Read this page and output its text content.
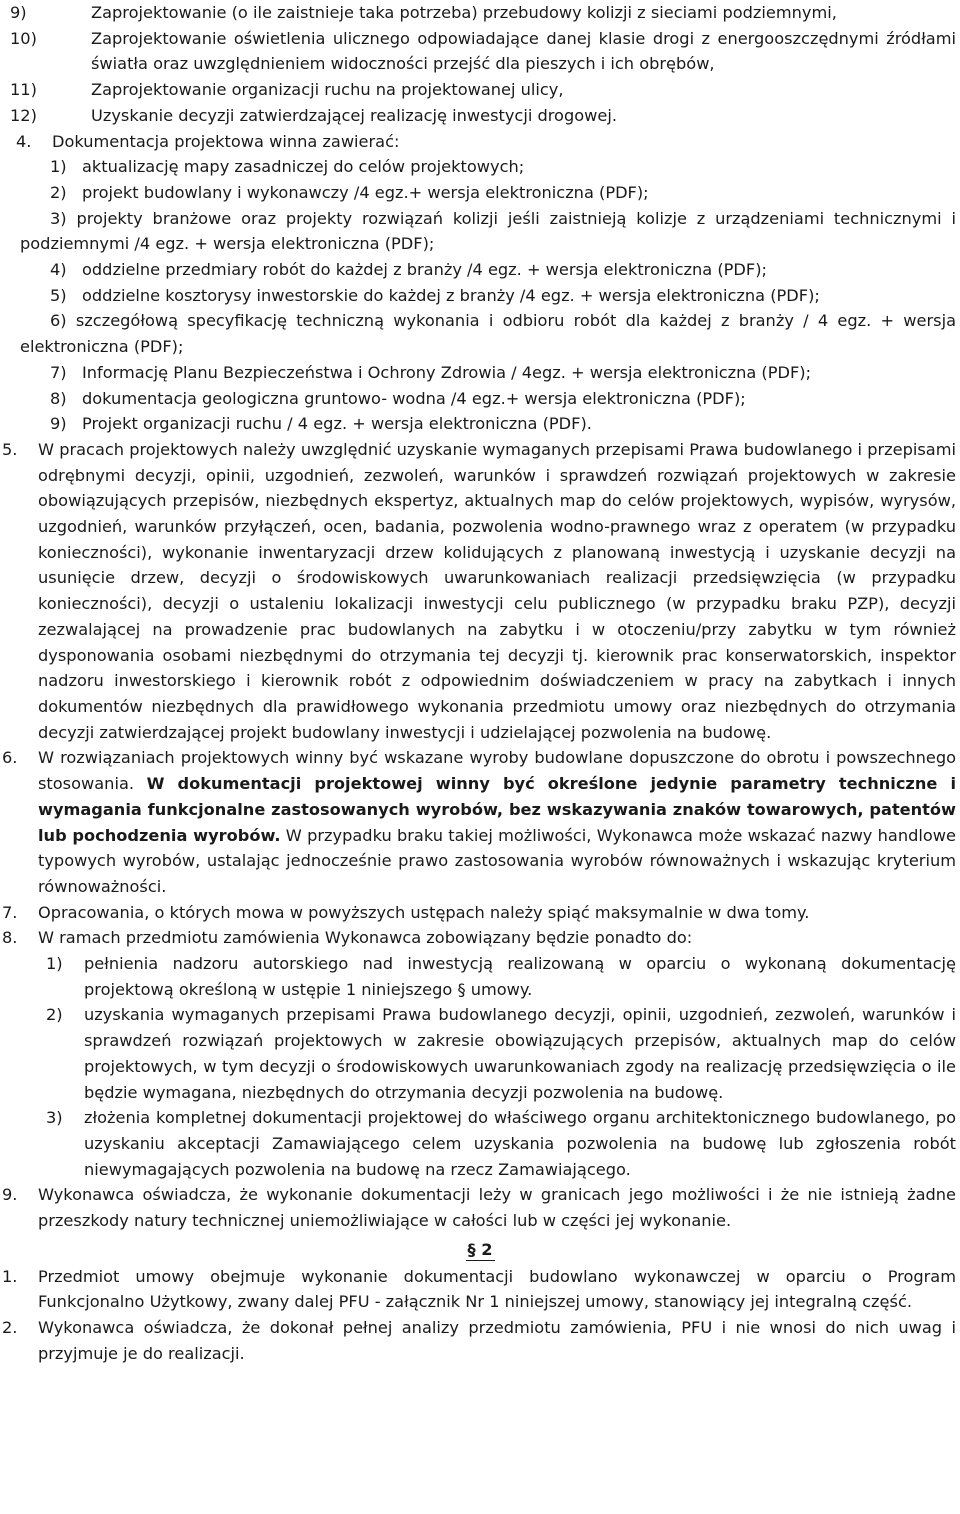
9)	Zaprojektowanie (o ile zaistnieje taka potrzeba) przebudowy kolizji z sieciami podziemnymi,

10)	Zaprojektowanie oświetlenia ulicznego odpowiadające danej klasie drogi z energooszczędnymi źródłami światła oraz uwzględnieniem widoczności przejść dla pieszych i ich obrębów,

11)	Zaprojektowanie organizacji ruchu na projektowanej ulicy,

12)	Uzyskanie decyzji zatwierdzającej realizację inwestycji drogowej.

4. Dokumentacja projektowa winna zawierać:

1) aktualizację mapy zasadniczej do celów projektowych;

2) projekt budowlany i wykonawczy /4 egz.+ wersja elektroniczna (PDF);

3) projekty branżowe oraz projekty rozwiązań kolizji jeśli zaistnieją kolizje z urządzeniami technicznymi i podziemnymi /4 egz. + wersja elektroniczna (PDF);

4) oddzielne przedmiary robót do każdej z branży /4 egz. + wersja elektroniczna (PDF);

5) oddzielne kosztorysy inwestorskie do każdej z branży /4 egz. + wersja elektroniczna (PDF);

6) szczegółową specyfikację techniczną wykonania i odbioru robót dla każdej z branży / 4 egz. + wersja elektroniczna (PDF);

7) Informację Planu Bezpieczeństwa i Ochrony Zdrowia / 4egz. + wersja elektroniczna (PDF);

8) dokumentacja geologiczna gruntowo- wodna /4 egz.+ wersja elektroniczna (PDF);

9) Projekt organizacji ruchu / 4 egz. + wersja elektroniczna (PDF).

5. W pracach projektowych należy uwzględnić uzyskanie wymaganych przepisami Prawa budowlanego i przepisami odrębnymi decyzji, opinii, uzgodnień, zezwoleń, warunków i sprawdzeń rozwiązań projektowych w zakresie obowiązujących przepisów, niezbędnych ekspertyz, aktualnych map do celów projektowych, wypisów, wyrysów, uzgodnień, warunków przyłączeń, ocen, badania, pozwolenia wodno-prawnego wraz z operatem (w przypadku konieczności), wykonanie inwentaryzacji drzew kolidujących z planowaną inwestycją i uzyskanie decyzji na usunięcie drzew, decyzji o środowiskowych uwarunkowaniach realizacji przedsięwzięcia (w przypadku konieczności), decyzji o ustaleniu lokalizacji inwestycji celu publicznego (w przypadku braku PZP), decyzji zezwalającej na prowadzenie prac budowlanych na zabytku i w otoczeniu/przy zabytku w tym również dysponowania osobami niezbędnymi do otrzymania tej decyzji tj. kierownik prac konserwatorskich, inspektor nadzoru inwestorskiego i kierownik robót z odpowiednim doświadczeniem w pracy na zabytkach i innych dokumentów niezbędnych dla prawidłowego wykonania przedmiotu umowy oraz niezbędnych do otrzymania decyzji zatwierdzającej projekt budowlany inwestycji i udzielającej pozwolenia na budowę.

6. W rozwiązaniach projektowych winny być wskazane wyroby budowlane dopuszczone do obrotu i powszechnego stosowania. W dokumentacji projektowej winny być określone jedynie parametry techniczne i wymagania funkcjonalne zastosowanych wyrobów, bez wskazywania znaków towarowych, patentów lub pochodzenia wyrobów. W przypadku braku takiej możliwości, Wykonawca może wskazać nazwy handlowe typowych wyrobów, ustalając jednocześnie prawo zastosowania wyrobów równoważnych i wskazując kryterium równoważności.

7. Opracowania, o których mowa w powyższych ustępach należy spiąć maksymalnie w dwa tomy.

8. W ramach przedmiotu zamówienia Wykonawca zobowiązany będzie ponadto do:

1) pełnienia nadzoru autorskiego nad inwestycją realizowaną w oparciu o wykonaną dokumentację projektową określoną w ustępie 1 niniejszego § umowy.

2) uzyskania wymaganych przepisami Prawa budowlanego decyzji, opinii, uzgodnień, zezwoleń, warunków i sprawdzeń rozwiązań projektowych w zakresie obowiązujących przepisów, aktualnych map do celów projektowych, w tym decyzji o środowiskowych uwarunkowaniach zgody na realizację przedsięwzięcia o ile będzie wymagana, niezbędnych do otrzymania decyzji pozwolenia na budowę.

3) złożenia kompletnej dokumentacji projektowej do właściwego organu architektonicznego budowlanego, po uzyskaniu akceptacji Zamawiającego celem uzyskania pozwolenia na budowę lub zgłoszenia robót niewymagających pozwolenia na budowę na rzecz Zamawiającego.

9. Wykonawca oświadcza, że wykonanie dokumentacji leży w granicach jego możliwości i że nie istnieją żadne przeszkody natury technicznej uniemożliwiające w całości lub w części jej wykonanie.

§ 2

1. Przedmiot umowy obejmuje wykonanie dokumentacji budowlano wykonawczej w oparciu o Program Funkcjonalno Użytkowy, zwany dalej PFU - załącznik Nr 1 niniejszej umowy, stanowiący jej integralną część.

2. Wykonawca oświadcza, że dokonał pełnej analizy przedmiotu zamówienia, PFU i nie wnosi do nich uwag i przyjmuje je do realizacji.
